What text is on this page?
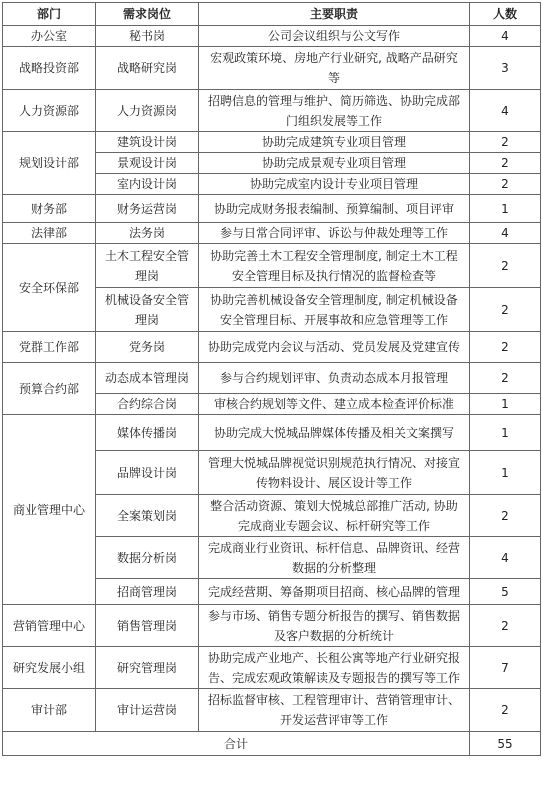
部门	需求岗位	主要职责	人数
办公室	秘书岗	公司会议组织与公文写作	4
战略投资部	战略研究岗	宏观政策环境、房地产行业研究, 战略产品研究等	3
人力资源部	人力资源岗	招聘信息的管理与维护、简历筛选、协助完成部门组织发展等工作	4
规划设计部	建筑设计岗	协助完成建筑专业项目管理	2
	景观设计岗	协助完成景观专业项目管理	2
	室内设计岗	协助完成室内设计专业项目管理	2
财务部	财务运营岗	协助完成财务报表编制、预算编制、项目评审	1
法律部	法务岗	参与日常合同评审、诉讼与仲裁处理等工作	4
安全环保部	土木工程安全管理岗	协助完善土木工程安全管理制度, 制定土木工程安全管理目标及执行情况的监督检查等	2
	机械设备安全管理岗	协助完善机械设备安全管理制度, 制定机械设备安全管理目标、开展事故和应急管理等工作	2
党群工作部	党务岗	协助完成党内会议与活动、党员发展及党建宣传	2
预算合约部	动态成本管理岗	参与合约规划评审、负责动态成本月报管理	2
	合约综合岗	审核合约规划等文件、建立成本检查评价标准	1
商业管理中心	媒体传播岗	协助完成大悦城品牌媒体传播及相关文案撰写	1
	品牌设计岗	管理大悦城品牌视觉识别规范执行情况、对接宣传物料设计、展区设计等工作	1
	全案策划岗	整合活动资源、策划大悦城总部推广活动, 协助完成商业专题会议、标杆研究等工作	2
	数据分析岗	完成商业行业资讯、标杆信息、品牌资讯、经营数据的分析整理	4
	招商管理岗	完成经营期、筹备期项目招商、核心品牌的管理	5
营销管理中心	销售管理岗	参与市场、销售专题分析报告的撰写、销售数据及客户数据的分析统计	2
研究发展小组	研究管理岗	协助完成产业地产、长租公寓等地产行业研究报告、完成宏观政策解读及专题报告的撰写等工作	7
审计部	审计运营岗	招标监督审核、工程管理审计、营销管理审计、开发运营评审等工作	2
合计			55
